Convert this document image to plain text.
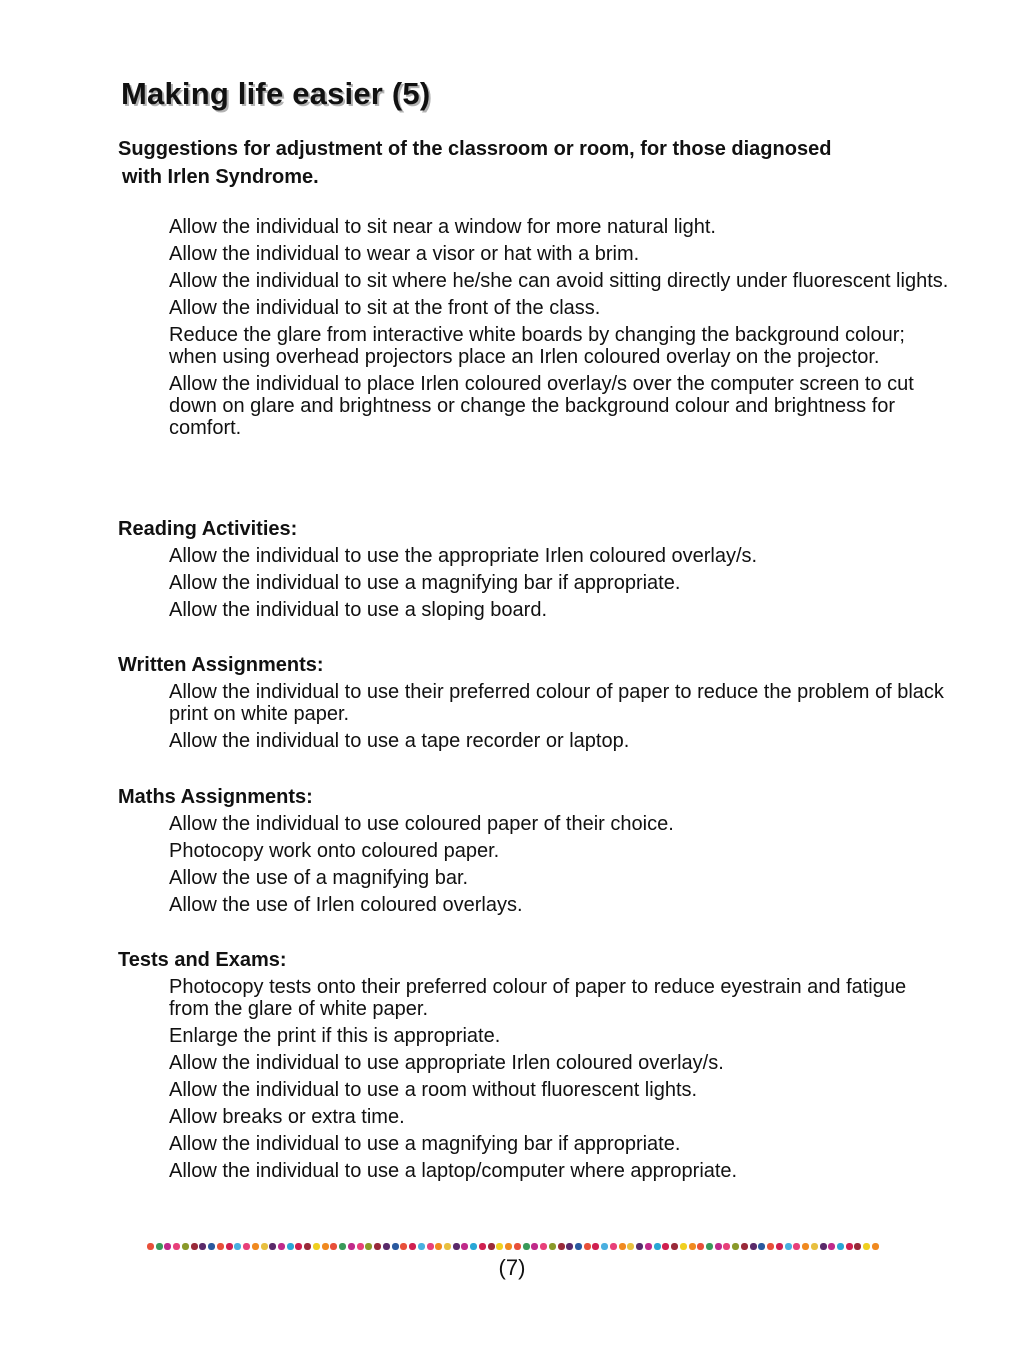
Making life easier (5)

Suggestions for adjustment of the classroom or room, for those diagnosed
with Irlen Syndrome.

Allow the individual to sit near a window for more natural light.
Allow the individual to wear a visor or hat with a brim.
Allow the individual to sit where he/she can avoid sitting directly under fluorescent lights.
Allow the individual to sit at the front of the class.
Reduce the glare from interactive white boards by changing the background colour; when using overhead projectors place an Irlen coloured overlay on the projector.
Allow the individual to place Irlen coloured overlay/s over the computer screen to cut down on glare and brightness or change the background colour and brightness for comfort.
Reading Activities:
Allow the individual to use the appropriate Irlen coloured overlay/s.
Allow the individual to use a magnifying bar if appropriate.
Allow the individual to use a sloping board.
Written Assignments:
Allow the individual to use their preferred colour of paper to reduce the problem of black print on white paper.
Allow the individual to use a tape recorder or laptop.
Maths Assignments:
Allow the individual to use coloured paper of their choice.
Photocopy work onto coloured paper.
Allow the use of a magnifying bar.
Allow the use of Irlen coloured overlays.
Tests and Exams:
Photocopy tests onto their preferred colour of paper to reduce eyestrain and fatigue from the glare of white paper.
Enlarge the print if this is appropriate.
Allow the individual to use appropriate Irlen coloured overlay/s.
Allow the individual to use a room without fluorescent lights.
Allow breaks or extra time.
Allow the individual to use a magnifying bar if appropriate.
Allow the individual to use a laptop/computer where appropriate.
(7)
